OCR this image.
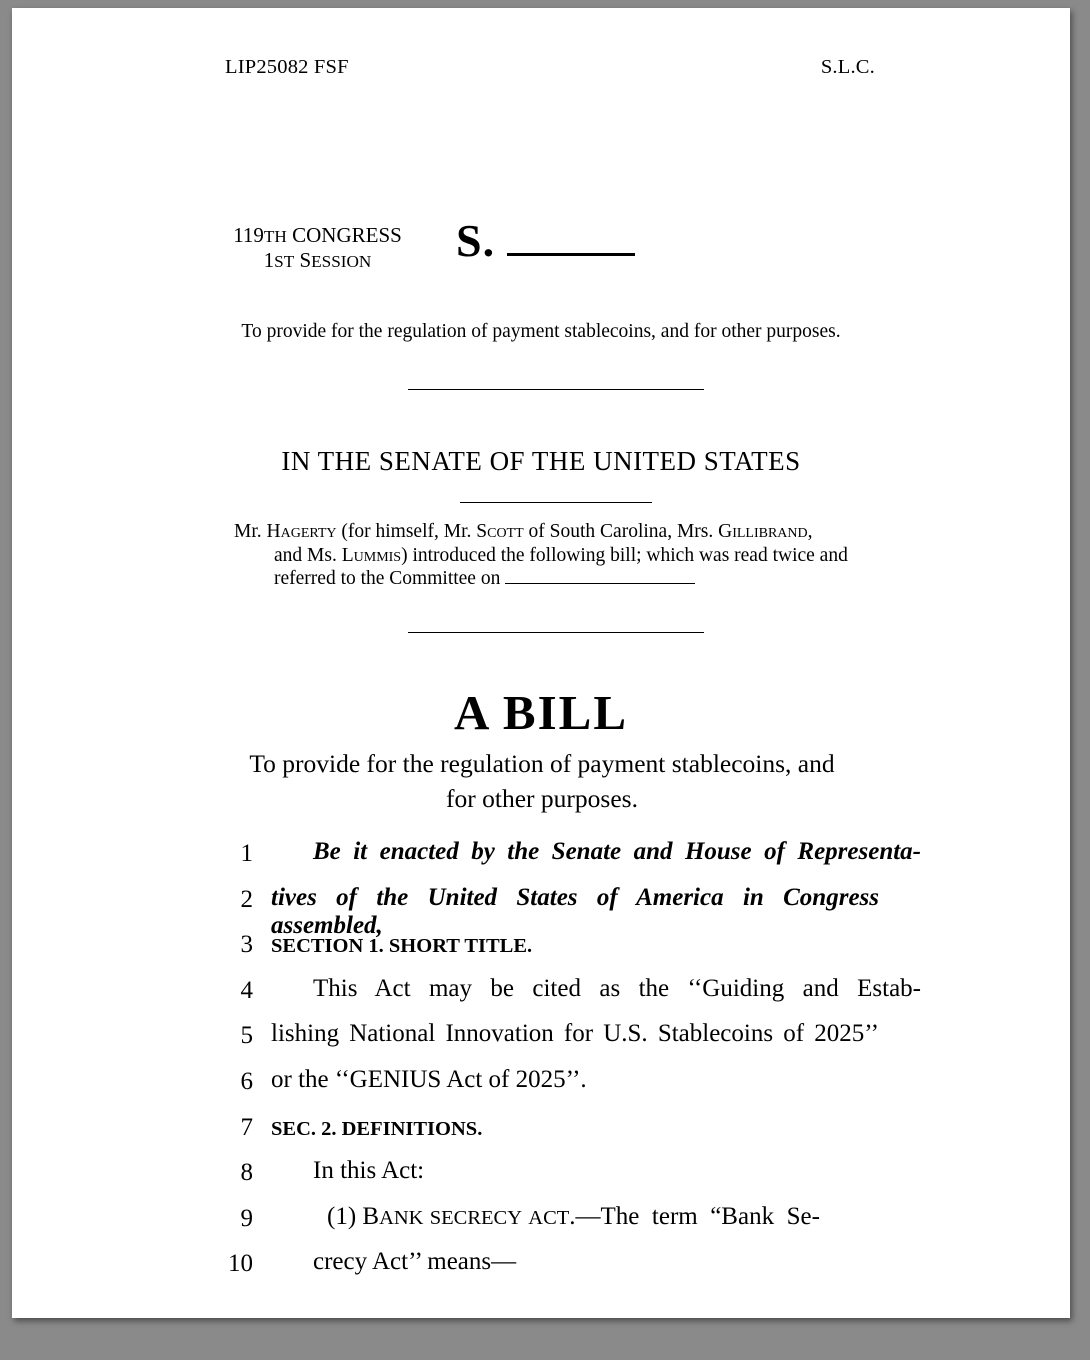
LIP25082 FSF	S.L.C.
119TH CONGRESS 1ST SESSION S.
To provide for the regulation of payment stablecoins, and for other purposes.
IN THE SENATE OF THE UNITED STATES
Mr. Hagerty (for himself, Mr. Scott of South Carolina, Mrs. Gillibrand,
and Ms. Lummis) introduced the following bill; which was read twice and
referred to the Committee on
A BILL
To provide for the regulation of payment stablecoins, and
for other purposes.
1	Be it enacted by the Senate and House of Representa-
2 tives of the United States of America in Congress assembled,
3 SECTION 1. SHORT TITLE.
4	This Act may be cited as the ‘‘Guiding and Estab-
5 lishing National Innovation for U.S. Stablecoins of 2025’’
6 or the ‘‘GENIUS Act of 2025’’.
7 SEC. 2. DEFINITIONS.
8	In this Act:
9	(1) BANK SECRECY ACT.—The  term  “Bank  Se-
10	crecy Act’’ means—
